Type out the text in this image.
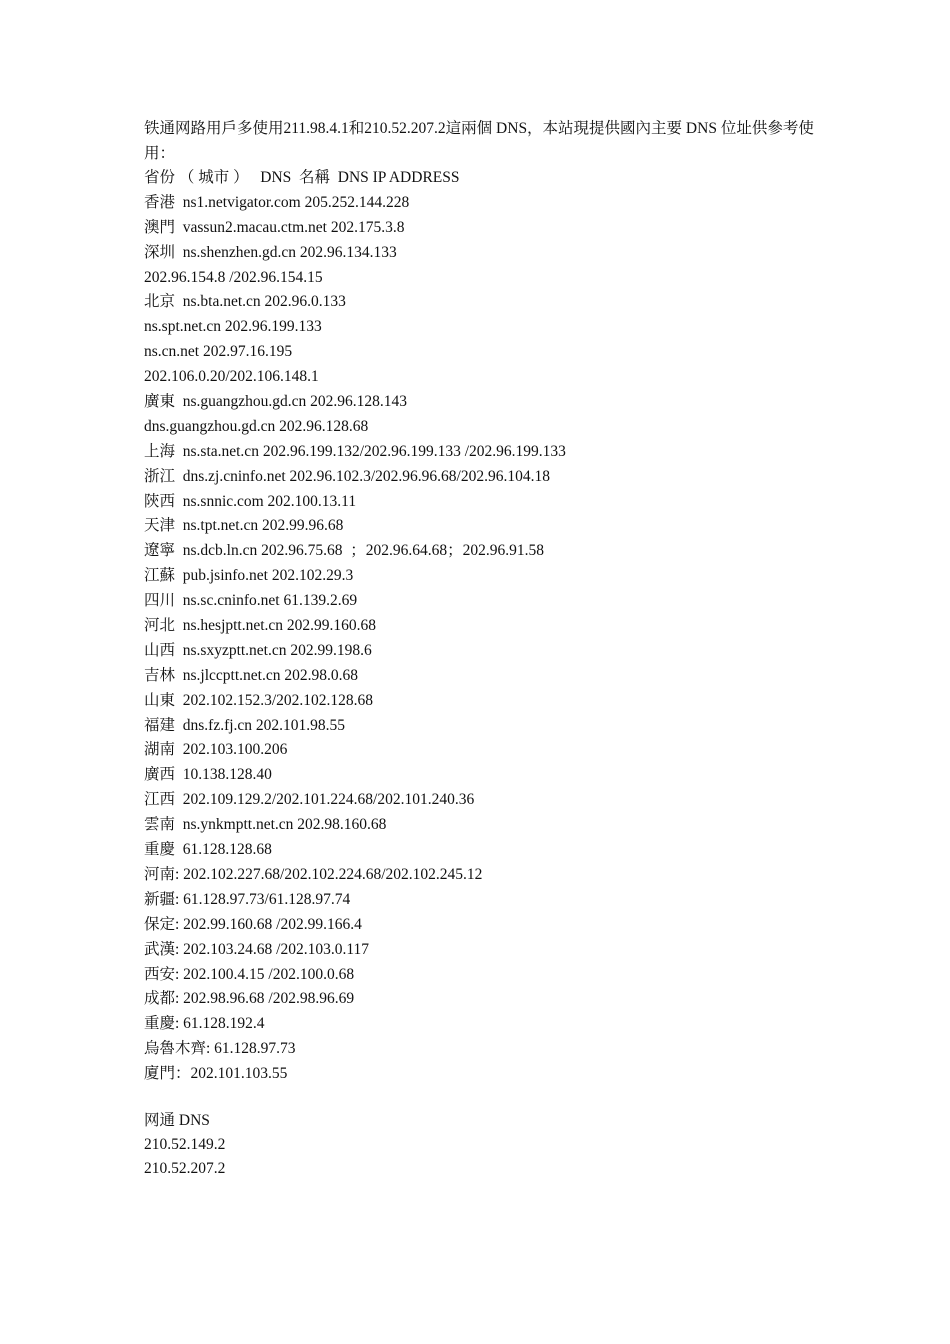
铁通网路用戶多使用211.98.4.1和210.52.207.2這兩個 DNS，本站現提供國內主要 DNS 位址供參考使用：
省份 （ 城市 ）   DNS  名稱  DNS IP ADDRESS
香港  ns1.netvigator.com 205.252.144.228
澳門  vassun2.macau.ctm.net 202.175.3.8
深圳  ns.shenzhen.gd.cn 202.96.134.133
202.96.154.8 /202.96.154.15
北京  ns.bta.net.cn 202.96.0.133
ns.spt.net.cn 202.96.199.133
ns.cn.net 202.97.16.195
202.106.0.20/202.106.148.1
廣東  ns.guangzhou.gd.cn 202.96.128.143
dns.guangzhou.gd.cn 202.96.128.68
上海  ns.sta.net.cn 202.96.199.132/202.96.199.133 /202.96.199.133
浙江  dns.zj.cninfo.net 202.96.102.3/202.96.96.68/202.96.104.18
陝西  ns.snnic.com 202.100.13.11
天津  ns.tpt.net.cn 202.99.96.68
遼寧  ns.dcb.ln.cn 202.96.75.68  ；202.96.64.68；202.96.91.58
江蘇  pub.jsinfo.net 202.102.29.3
四川  ns.sc.cninfo.net 61.139.2.69
河北  ns.hesjptt.net.cn 202.99.160.68
山西  ns.sxyzptt.net.cn 202.99.198.6
吉林  ns.jlccptt.net.cn 202.98.0.68
山東  202.102.152.3/202.102.128.68
福建  dns.fz.fj.cn 202.101.98.55
湖南  202.103.100.206
廣西  10.138.128.40
江西  202.109.129.2/202.101.224.68/202.101.240.36
雲南  ns.ynkmptt.net.cn 202.98.160.68
重慶  61.128.128.68
河南: 202.102.227.68/202.102.224.68/202.102.245.12
新疆: 61.128.97.73/61.128.97.74
保定: 202.99.160.68 /202.99.166.4
武漢: 202.103.24.68 /202.103.0.117
西安: 202.100.4.15 /202.100.0.68
成都: 202.98.96.68 /202.98.96.69
重慶: 61.128.192.4
烏魯木齊: 61.128.97.73
廈門：202.101.103.55
网通 DNS
210.52.149.2
210.52.207.2
